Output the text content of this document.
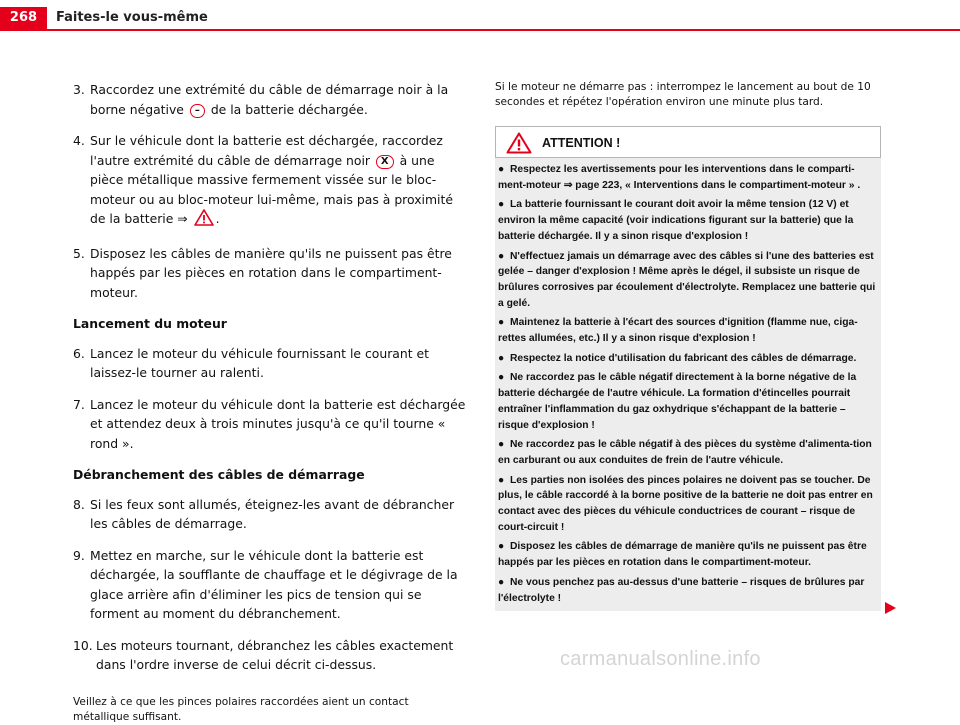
268	Faites-le vous-même
3. Raccordez une extrémité du câble de démarrage noir à la borne négative – de la batterie déchargée.
4. Sur le véhicule dont la batterie est déchargée, raccordez l'autre extrémité du câble de démarrage noir X à une pièce métallique massive fermement vissée sur le bloc-moteur ou au bloc-moteur lui-même, mais pas à proximité de la batterie ⇒ .
5. Disposez les câbles de manière qu'ils ne puissent pas être happés par les pièces en rotation dans le compartiment-moteur.
Lancement du moteur
6. Lancez le moteur du véhicule fournissant le courant et laissez-le tourner au ralenti.
7. Lancez le moteur du véhicule dont la batterie est déchargée et attendez deux à trois minutes jusqu'à ce qu'il tourne « rond ».
Débranchement des câbles de démarrage
8. Si les feux sont allumés, éteignez-les avant de débrancher les câbles de démarrage.
9. Mettez en marche, sur le véhicule dont la batterie est déchargée, la soufflante de chauffage et le dégivrage de la glace arrière afin d'éliminer les pics de tension qui se forment au moment du débranchement.
10. Les moteurs tournant, débranchez les câbles exactement dans l'ordre inverse de celui décrit ci-dessus.
Veillez à ce que les pinces polaires raccordées aient un contact métallique suffisant.

Si le moteur ne démarre pas : interrompez le lancement au bout de 10 secondes et répétez l'opération environ une minute plus tard.

ATTENTION !
● Respectez les avertissements pour les interventions dans le comparti-ment-moteur ⇒ page 223, « Interventions dans le compartiment-moteur » .
● La batterie fournissant le courant doit avoir la même tension (12 V) et environ la même capacité (voir indications figurant sur la batterie) que la batterie déchargée. Il y a sinon risque d'explosion !
● N'effectuez jamais un démarrage avec des câbles si l'une des batteries est gelée – danger d'explosion ! Même après le dégel, il subsiste un risque de brûlures corrosives par écoulement d'électrolyte. Remplacez une batterie qui a gelé.
● Maintenez la batterie à l'écart des sources d'ignition (flamme nue, ciga-rettes allumées, etc.) Il y a sinon risque d'explosion !
● Respectez la notice d'utilisation du fabricant des câbles de démarrage.
● Ne raccordez pas le câble négatif directement à la borne négative de la batterie déchargée de l'autre véhicule. La formation d'étincelles pourrait entraîner l'inflammation du gaz oxhydrique s'échappant de la batterie – risque d'explosion !
● Ne raccordez pas le câble négatif à des pièces du système d'alimenta-tion en carburant ou aux conduites de frein de l'autre véhicule.
● Les parties non isolées des pinces polaires ne doivent pas se toucher. De plus, le câble raccordé à la borne positive de la batterie ne doit pas entrer en contact avec des pièces du véhicule conductrices de courant – risque de court-circuit !
● Disposez les câbles de démarrage de manière qu'ils ne puissent pas être happés par les pièces en rotation dans le compartiment-moteur.
● Ne vous penchez pas au-dessus d'une batterie – risques de brûlures par l'électrolyte !
carmanualsonline.info
